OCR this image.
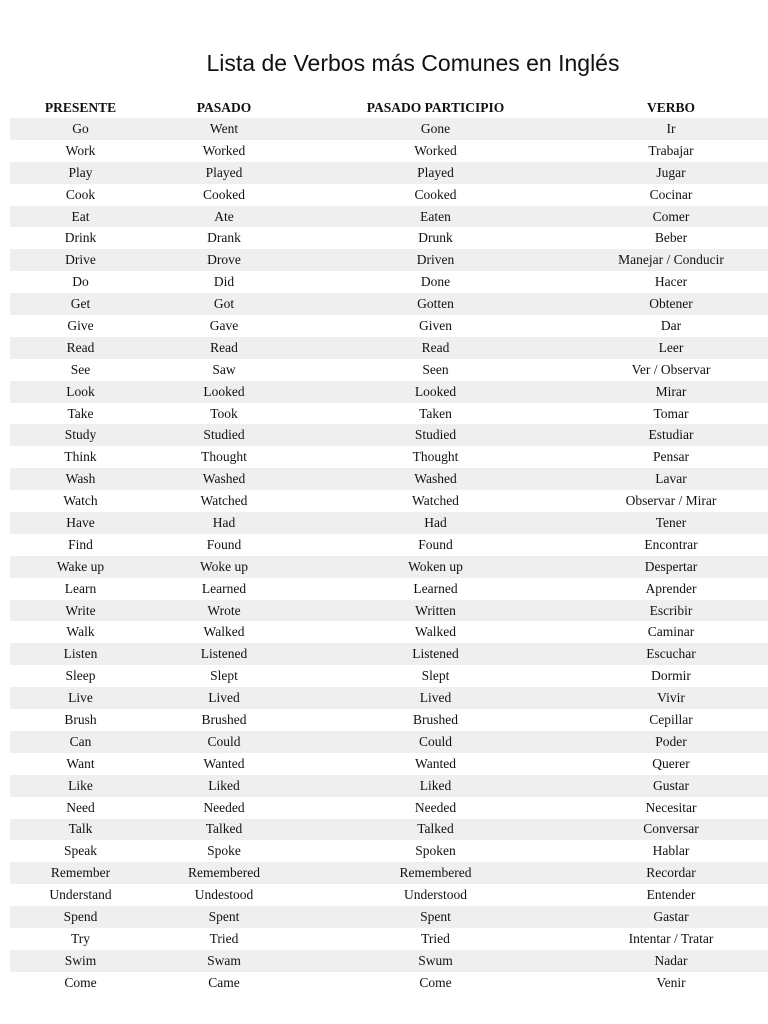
Lista de Verbos más Comunes en Inglés
PRESENTE	PASADO	PASADO PARTICIPIO	VERBO
Go	Went	Gone	Ir
Work	Worked	Worked	Trabajar
Play	Played	Played	Jugar
Cook	Cooked	Cooked	Cocinar
Eat	Ate	Eaten	Comer
Drink	Drank	Drunk	Beber
Drive	Drove	Driven	Manejar / Conducir
Do	Did	Done	Hacer
Get	Got	Gotten	Obtener
Give	Gave	Given	Dar
Read	Read	Read	Leer
See	Saw	Seen	Ver / Observar
Look	Looked	Looked	Mirar
Take	Took	Taken	Tomar
Study	Studied	Studied	Estudiar
Think	Thought	Thought	Pensar
Wash	Washed	Washed	Lavar
Watch	Watched	Watched	Observar / Mirar
Have	Had	Had	Tener
Find	Found	Found	Encontrar
Wake up	Woke up	Woken up	Despertar
Learn	Learned	Learned	Aprender
Write	Wrote	Written	Escribir
Walk	Walked	Walked	Caminar
Listen	Listened	Listened	Escuchar
Sleep	Slept	Slept	Dormir
Live	Lived	Lived	Vivir
Brush	Brushed	Brushed	Cepillar
Can	Could	Could	Poder
Want	Wanted	Wanted	Querer
Like	Liked	Liked	Gustar
Need	Needed	Needed	Necesitar
Talk	Talked	Talked	Conversar
Speak	Spoke	Spoken	Hablar
Remember	Remembered	Remembered	Recordar
Understand	Undestood	Understood	Entender
Spend	Spent	Spent	Gastar
Try	Tried	Tried	Intentar / Tratar
Swim	Swam	Swum	Nadar
Come	Came	Come	Venir
